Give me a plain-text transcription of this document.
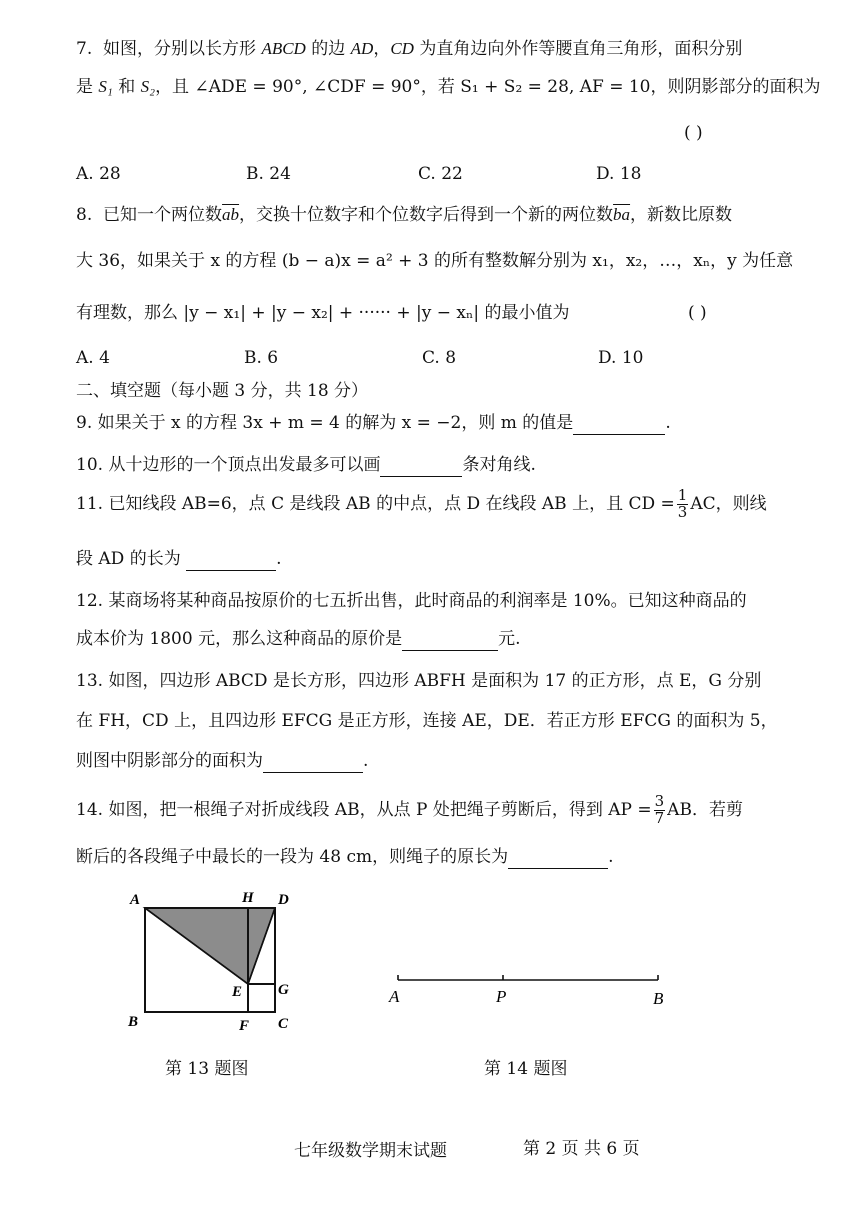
7. 如图，分别以长方形 ABCD 的边 AD，CD 为直角边向外作等腰直角三角形，面积分别
是 S₁ 和 S₂，且 ∠ADE = 90°, ∠CDF = 90°，若 S₁ + S₂ = 28, AF = 10，则阴影部分的面积为
( )
A. 28	B. 24	C. 22	D. 18
8. 已知一个两位数$\overline{ab}$，交换十位数字和个位数字后得到一个新的两位数$\overline{ba}$，新数比原数
大 36，如果关于 x 的方程 (b − a)x = a² + 3 的所有整数解分别为 x₁，x₂，…，xₙ，y 为任意
有理数，那么 |y − x₁| + |y − x₂| + ······ + |y − xₙ| 的最小值为	( )
A. 4	B. 6	C. 8	D. 10
二、填空题（每小题 3 分，共 18 分）
9. 如果关于 x 的方程 3x + m = 4 的解为 x = −2，则 m 的值是	.
10. 从十边形的一个顶点出发最多可以画	条对角线.
11. 已知线段 AB=6，点 C 是线段 AB 的中点，点 D 在线段 AB 上，且 CD = $\frac{1}{3}$ AC，则线
段 AD 的长为	.
12. 某商场将某种商品按原价的七五折出售，此时商品的利润率是 10%。已知这种商品的
成本价为 1800 元，那么这种商品的原价是	元.
13. 如图，四边形 ABCD 是长方形，四边形 ABFH 是面积为 17 的正方形，点 E，G 分别
在 FH，CD 上，且四边形 EFCG 是正方形，连接 AE，DE．若正方形 EFCG 的面积为 5，
则图中阴影部分的面积为	.
14. 如图，把一根绳子对折成线段 AB，从点 P 处把绳子剪断后，得到 AP = $\frac{3}{7}$ AB．若剪
断后的各段绳子中最长的一段为 48 cm，则绳子的原长为	.
A	H D
E G
B	F C
第 13 题图
A	P	B
第 14 题图
七年级数学期末试题	第 2 页 共 6 页
